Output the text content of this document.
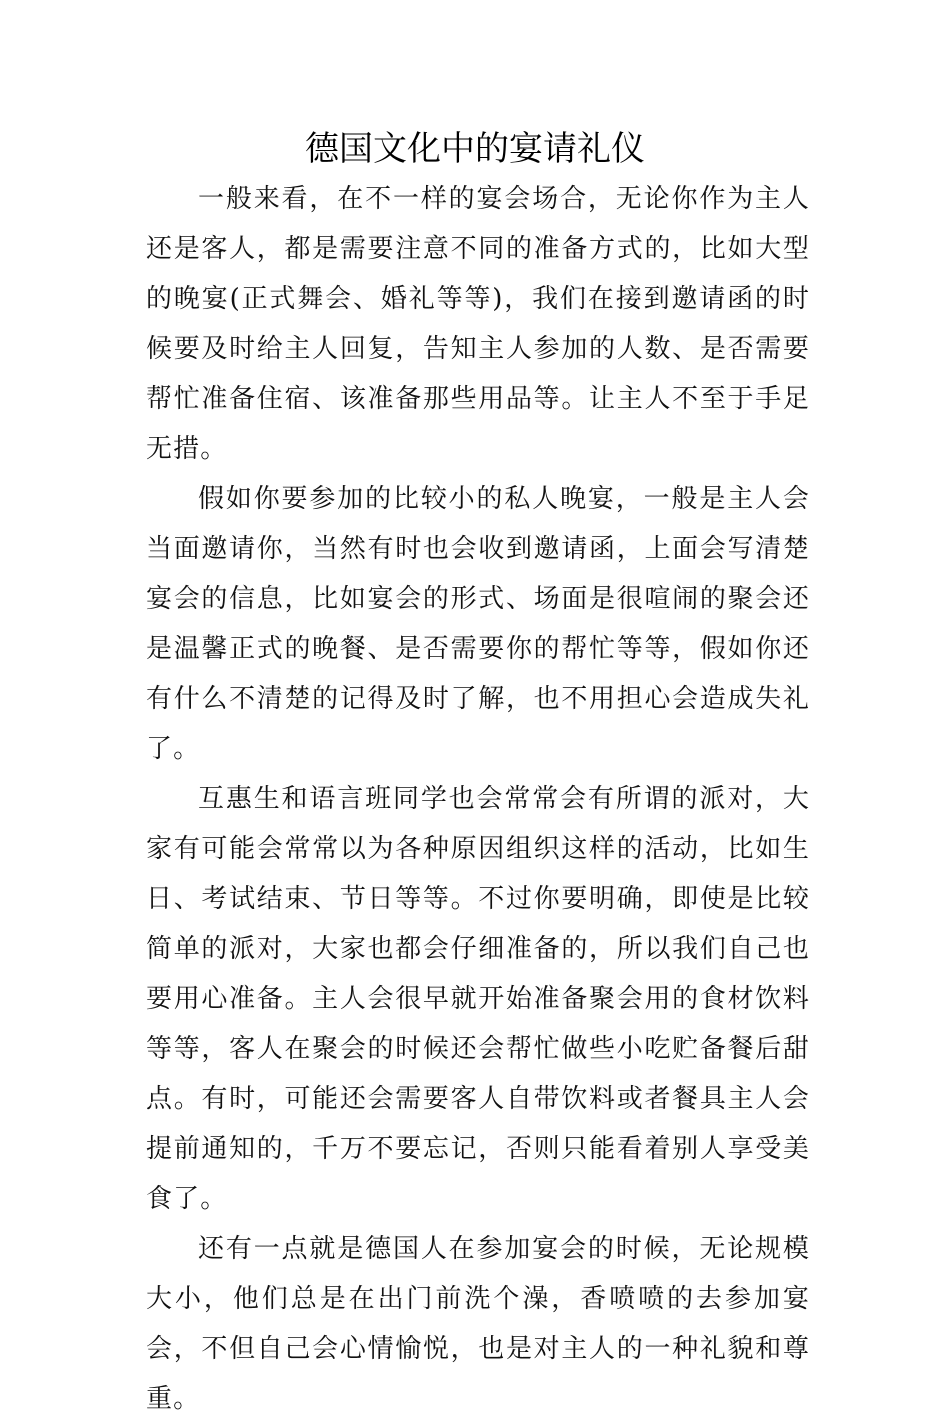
德国文化中的宴请礼仪

一般来看，在不一样的宴会场合，无论你作为主人还是客人，都是需要注意不同的准备方式的，比如大型的晚宴(正式舞会、婚礼等等)，我们在接到邀请函的时候要及时给主人回复，告知主人参加的人数、是否需要帮忙准备住宿、该准备那些用品等。让主人不至于手足无措。

假如你要参加的比较小的私人晚宴，一般是主人会当面邀请你，当然有时也会收到邀请函，上面会写清楚宴会的信息，比如宴会的形式、场面是很喧闹的聚会还是温馨正式的晚餐、是否需要你的帮忙等等，假如你还有什么不清楚的记得及时了解，也不用担心会造成失礼了。

互惠生和语言班同学也会常常会有所谓的派对，大家有可能会常常以为各种原因组织这样的活动，比如生日、考试结束、节日等等。不过你要明确，即使是比较简单的派对，大家也都会仔细准备的，所以我们自己也要用心准备。主人会很早就开始准备聚会用的食材饮料等等，客人在聚会的时候还会帮忙做些小吃贮备餐后甜点。有时，可能还会需要客人自带饮料或者餐具主人会提前通知的，千万不要忘记，否则只能看着别人享受美食了。

还有一点就是德国人在参加宴会的时候，无论规模大小，他们总是在出门前洗个澡，香喷喷的去参加宴会，不但自己会心情愉悦，也是对主人的一种礼貌和尊重。
